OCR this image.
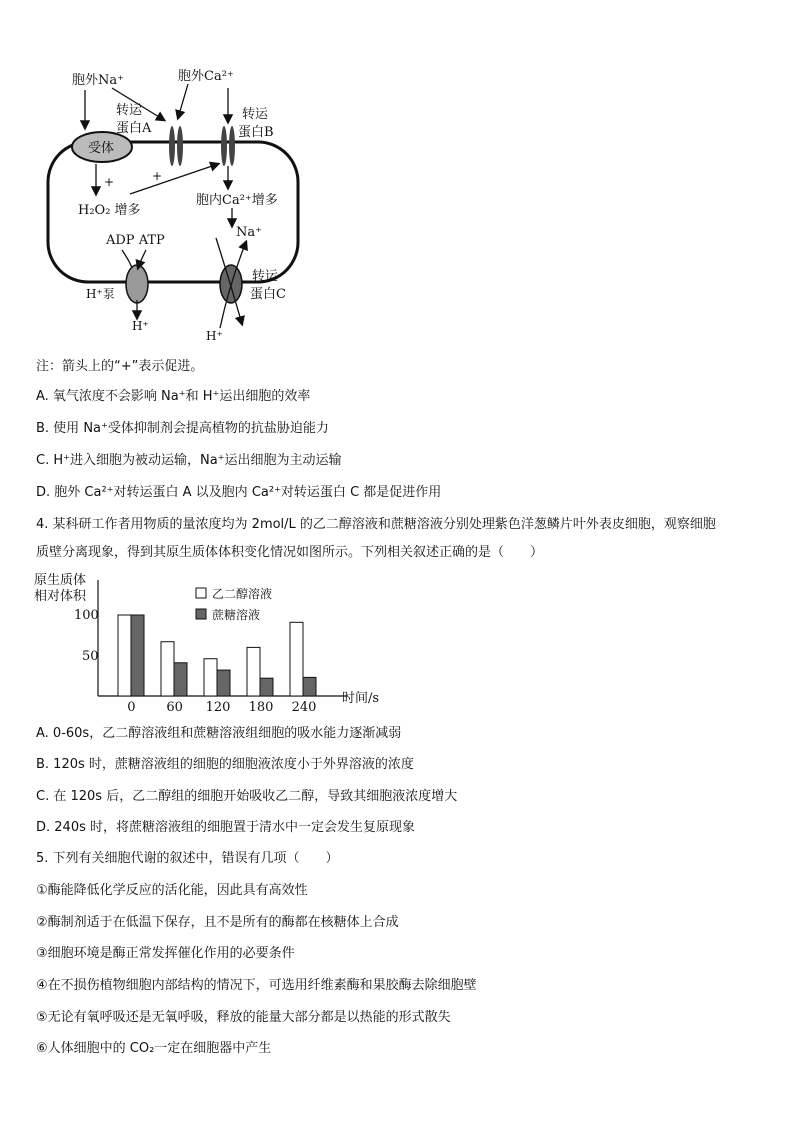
受体
胞外Na⁺	胞外Ca²⁺
转运
蛋白A
转运
蛋白B
+	+
H₂O₂ 增多
胞内Ca²⁺增多
Na⁺
ADP ATP
H⁺泵
H⁺
转运
蛋白C
H⁺
注：箭头上的“+”表示促进。
A. 氧气浓度不会影响 Na⁺和 H⁺运出细胞的效率
B. 使用 Na⁺受体抑制剂会提高植物的抗盐胁迫能力
C. H⁺进入细胞为被动运输，Na⁺运出细胞为主动运输
D. 胞外 Ca²⁺对转运蛋白 A 以及胞内 Ca²⁺对转运蛋白 C 都是促进作用
4. 某科研工作者用物质的量浓度均为 2mol/L 的乙二醇溶液和蔗糖溶液分别处理紫色洋葱鳞片叶外表皮细胞，观察细胞
质壁分离现象，得到其原生质体体积变化情况如图所示。下列相关叙述正确的是（　　）
原生质体
相对体积
100
50
时间/s
0 60 120 180 240
乙二醇溶液
蔗糖溶液
A. 0-60s，乙二醇溶液组和蔗糖溶液组细胞的吸水能力逐渐减弱
B. 120s 时，蔗糖溶液组的细胞的细胞液浓度小于外界溶液的浓度
C. 在 120s 后，乙二醇组的细胞开始吸收乙二醇，导致其细胞液浓度增大
D. 240s 时，将蔗糖溶液组的细胞置于清水中一定会发生复原现象
5. 下列有关细胞代谢的叙述中，错误有几项（　　）
①酶能降低化学反应的活化能，因此具有高效性
②酶制剂适于在低温下保存，且不是所有的酶都在核糖体上合成
③细胞环境是酶正常发挥催化作用的必要条件
④在不损伤植物细胞内部结构的情况下，可选用纤维素酶和果胶酶去除细胞壁
⑤无论有氧呼吸还是无氧呼吸，释放的能量大部分都是以热能的形式散失
⑥人体细胞中的 CO₂一定在细胞器中产生
